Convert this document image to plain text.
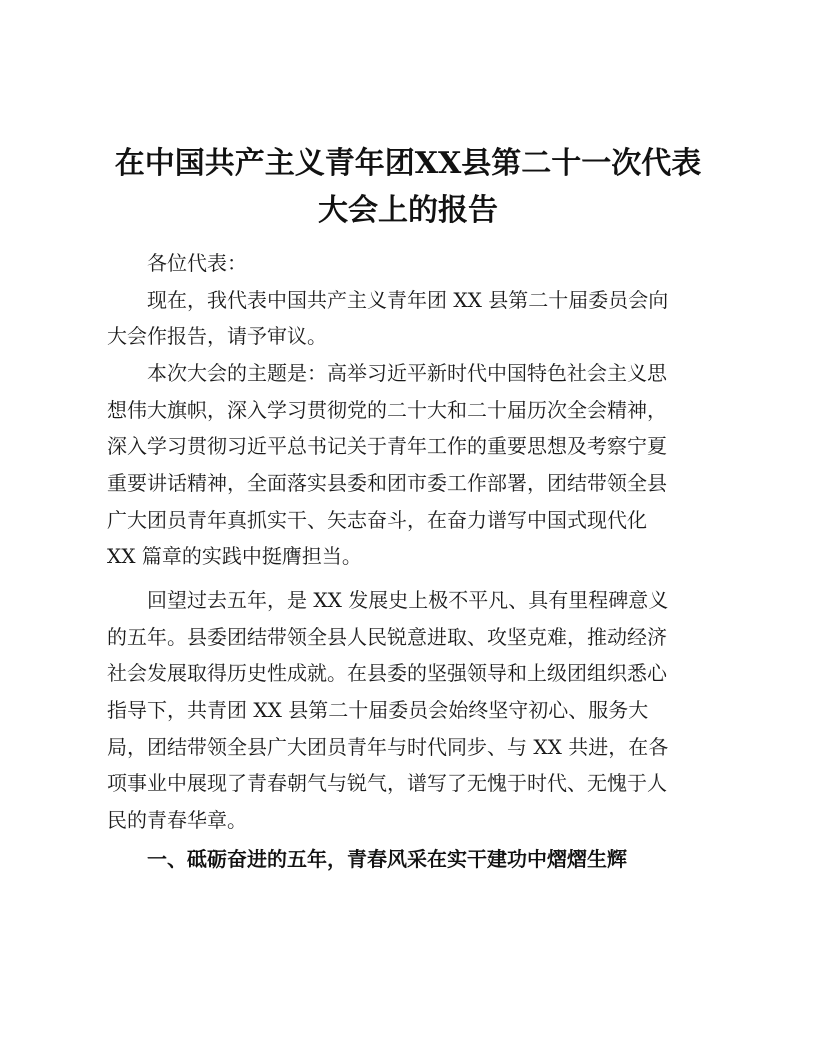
在中国共产主义青年团XX县第二十一次代表
大会上的报告
各位代表：
现在，我代表中国共产主义青年团 XX 县第二十届委员会向
大会作报告，请予审议。
本次大会的主题是：高举习近平新时代中国特色社会主义思
想伟大旗帜，深入学习贯彻党的二十大和二十届历次全会精神，
深入学习贯彻习近平总书记关于青年工作的重要思想及考察宁夏
重要讲话精神，全面落实县委和团市委工作部署，团结带领全县
广大团员青年真抓实干、矢志奋斗，在奋力谱写中国式现代化
XX 篇章的实践中挺膺担当。
回望过去五年，是 XX 发展史上极不平凡、具有里程碑意义
的五年。县委团结带领全县人民锐意进取、攻坚克难，推动经济
社会发展取得历史性成就。在县委的坚强领导和上级团组织悉心
指导下，共青团 XX 县第二十届委员会始终坚守初心、服务大
局，团结带领全县广大团员青年与时代同步、与 XX 共进，在各
项事业中展现了青春朝气与锐气，谱写了无愧于时代、无愧于人
民的青春华章。
一、砥砺奋进的五年，青春风采在实干建功中熠熠生辉
